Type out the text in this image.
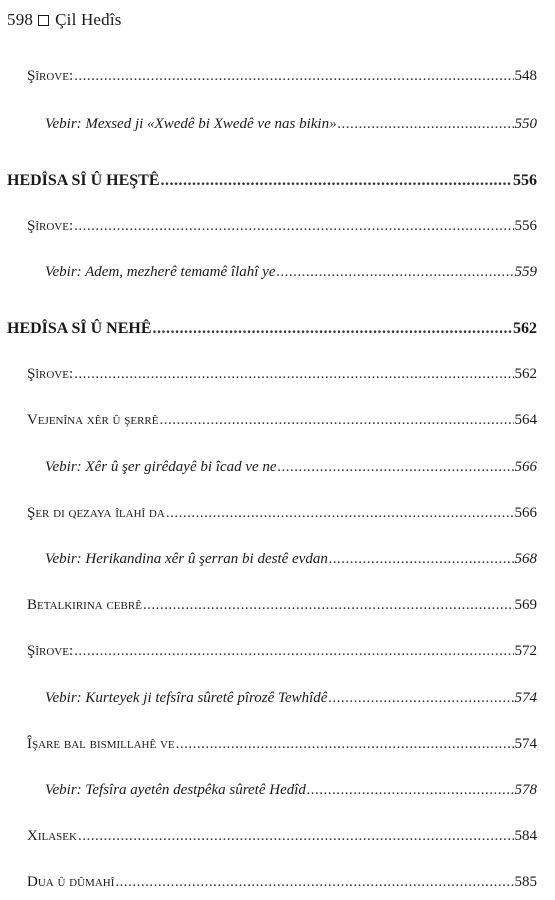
598 Çil Hedîs
Şîrove: .....	548
Vebir: Mexsed ji «Xwedê bi Xwedê ve nas bikin» .....	550
HEDÎSA SÎ Û HEŞTÊ .....	556
Şîrove: .....	556
Vebir: Adem, mezherê temamê îlahî ye .....	559
HEDÎSA SÎ Û NEHÊ .....	562
Şîrove: .....	562
Vejenîna xêr û şerrê .....	564
Vebir: Xêr û şer girêdayê bi îcad ve ne .....	566
Şer di qezaya îlahî da .....	566
Vebir: Herikandina xêr û şerran bi destê evdan .....	568
Betalkirina cebrê .....	569
Şîrove: .....	572
Vebir: Kurteyek ji tefsîra sûretê pîrozê Tewhîdê .....	574
Îşare bal bismillahê ve .....	574
Vebir: Tefsîra ayetên destpêka sûretê Hedîd .....	578
Xilasek .....	584
Dua û dûmahî .....	585
